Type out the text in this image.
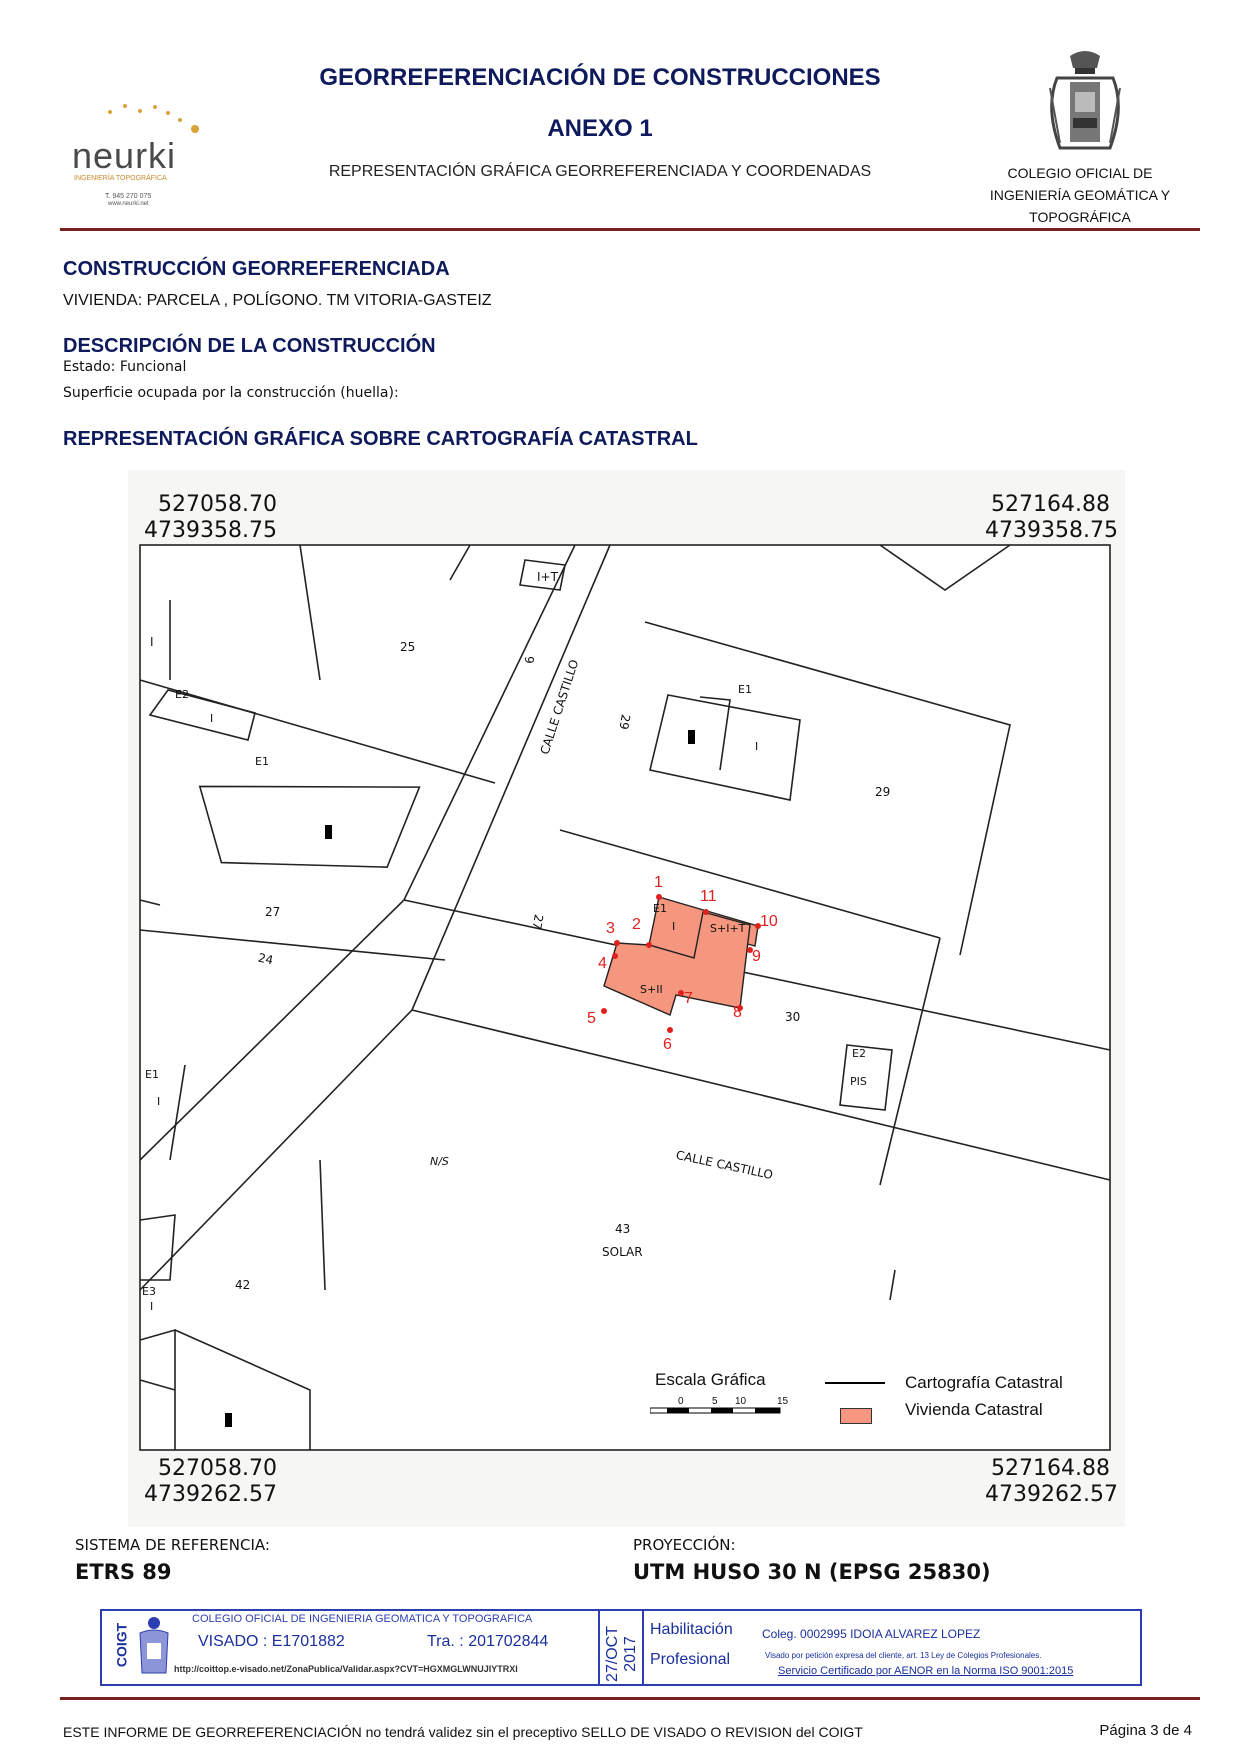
neurki
INGENIERÍA TOPOGRÁFICA
T. 945 270 075
www.neurki.net
GEORREFERENCIACIÓN DE CONSTRUCCIONES
ANEXO 1
REPRESENTACIÓN GRÁFICA GEORREFERENCIADA Y COORDENADAS	COLEGIO OFICIAL DE
INGENIERÍA GEOMÁTICA Y
TOPOGRÁFICA
CONSTRUCCIÓN GEORREFERENCIADA
VIVIENDA: PARCELA , POLÍGONO. TM VITORIA-GASTEIZ
DESCRIPCIÓN DE LA CONSTRUCCIÓN
Estado: Funcional
Superficie ocupada por la construcción (huella):
REPRESENTACIÓN GRÁFICA SOBRE CARTOGRAFÍA CATASTRAL
527058.70
4739358.75
527164.88
4739358.75
527058.70
4739262.57
527164.88
4739262.57
I+T
I	25
9 CALLE CASTILLO	29
E2
I
E1
E1
I
29
27
24
27
30
E1
I
E2
PIS
N/S	CALLE CASTILLO
43
SOLAR
E3
I
42
E1
I	S+I+T
S+II
1
2
3
4
5
6
7
8
9
10
11
Escala Gráfica
0	5 10	15
Cartografía Catastral
Vivienda Catastral
SISTEMA DE REFERENCIA:
ETRS 89
PROYECCIÓN:
UTM HUSO 30 N (EPSG 25830)
COIGT
COLEGIO OFICIAL DE INGENIERIA GEOMATICA Y TOPOGRAFICA
VISADO : E1701882	Tra. : 201702844
http://coittop.e-visado.net/ZonaPublica/Validar.aspx?CVT=HGXMGLWNUJIYTRXI	27/OCT 2017
Habilitación
Profesional
Coleg. 0002995 IDOIA ALVAREZ LOPEZ
Visado por petición expresa del cliente, art. 13 Ley de Colegios Profesionales.
Servicio Certificado por AENOR en la Norma ISO 9001:2015
ESTE INFORME DE GEORREFERENCIACIÓN no tendrá validez sin el preceptivo SELLO DE VISADO O REVISION del COIGT	Página 3 de 4
